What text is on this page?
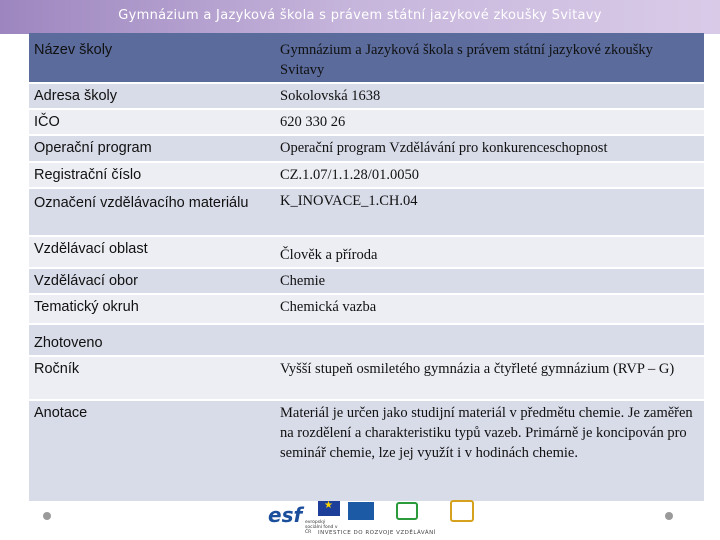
Gymnázium a Jazyková škola s právem státní jazykové zkoušky Svitavy
Název školy	Gymnázium a Jazyková škola s právem státní jazykové zkoušky Svitavy
Adresa školy	Sokolovská 1638
IČO	620 330 26
Operační program	Operační program Vzdělávání pro konkurenceschopnost
Registrační číslo	CZ.1.07/1.1.28/01.0050
Označení vzdělávacího materiálu	K_INOVACE_1.CH.04
Vzdělávací oblast	Člověk a příroda
Vzdělávací obor	Chemie
Tematický okruh	Chemická vazba
Zhotoveno	
Ročník	Vyšší stupeň osmiletého gymnázia a čtyřleté gymnázium (RVP – G)
Anotace	Materiál je určen jako studijní materiál v předmětu chemie. Je zaměřen na rozdělení a charakteristiku typů vazeb. Primárně je koncipován pro seminář chemie, lze jej využít i v hodinách chemie.
esf evropský sociální fond v ČR
★	INVESTICE DO ROZVOJE VZDĚLÁVÁNÍ
